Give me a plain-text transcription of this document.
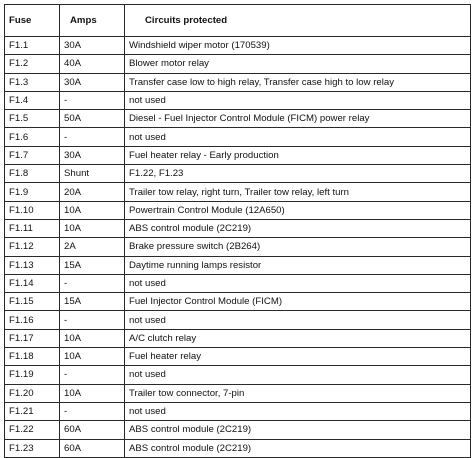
Fuse	Amps	Circuits protected
F1.1	30A	Windshield wiper motor (170539)
F1.2	40A	Blower motor relay
F1.3	30A	Transfer case low to high relay, Transfer case high to low relay
F1.4	-	not used
F1.5	50A	Diesel - Fuel Injector Control Module (FICM) power relay
F1.6	-	not used
F1.7	30A	Fuel heater relay - Early production
F1.8	Shunt	F1.22, F1.23
F1.9	20A	Trailer tow relay, right turn, Trailer tow relay, left turn
F1.10	10A	Powertrain Control Module (12A650)
F1.11	10A	ABS control module (2C219)
F1.12	2A	Brake pressure switch (2B264)
F1.13	15A	Daytime running lamps resistor
F1.14	-	not used
F1.15	15A	Fuel Injector Control Module (FICM)
F1.16	-	not used
F1.17	10A	A/C clutch relay
F1.18	10A	Fuel heater relay
F1.19	-	not used
F1.20	10A	Trailer tow connector, 7-pin
F1.21	-	not used
F1.22	60A	ABS control module (2C219)
F1.23	60A	ABS control module (2C219)
